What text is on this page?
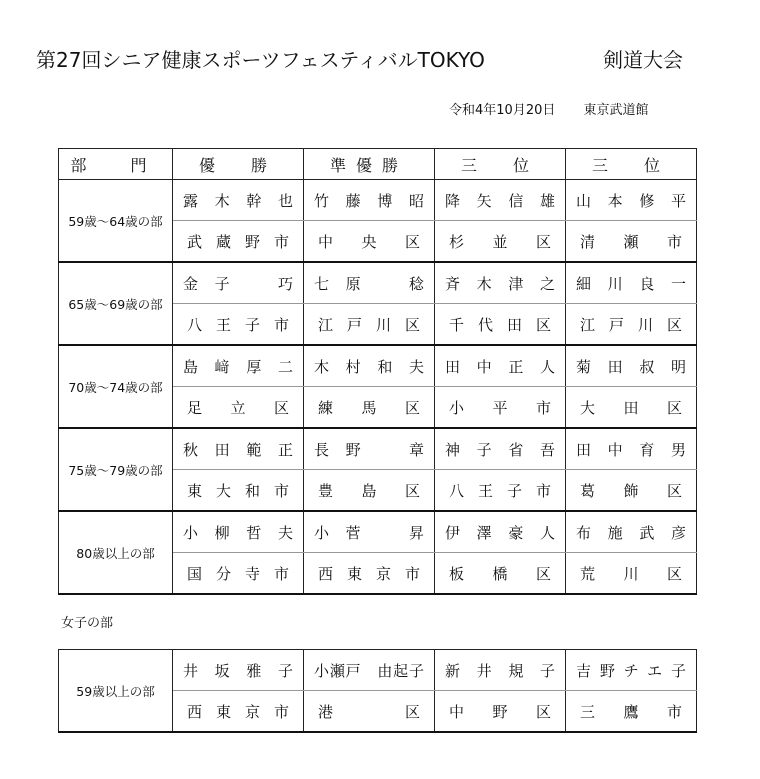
第27回シニア健康スポーツフェスティバルTOKYO	剣道大会
令和4年10月20日 東京武道館
部　門	優　勝	準優勝	三　位	三　位
59歳～64歳の部	露木幹也	竹藤博昭	降矢信雄	山本修平
	武蔵野市	中央区	杉並区	清瀬市
65歳～69歳の部	金子　巧	七原　稔	斉木津之	細川良一
	八王子市	江戸川区	千代田区	江戸川区
70歳～74歳の部	島﨑厚二	木村和夫	田中正人	菊田叔明
	足立区	練馬区	小平市	大田区
75歳～79歳の部	秋田範正	長野　章	神子省吾	田中育男
	東大和市	豊島区	八王子市	葛飾区
80歳以上の部	小柳哲夫	小菅　昇	伊澤豪人	布施武彦
	国分寺市	西東京市	板橋区	荒川区
女子の部
59歳以上の部	井坂雅子	小瀬戸　由起子	新井規子	吉野チエ子
	西東京市	港　区	中野区	三鷹市
